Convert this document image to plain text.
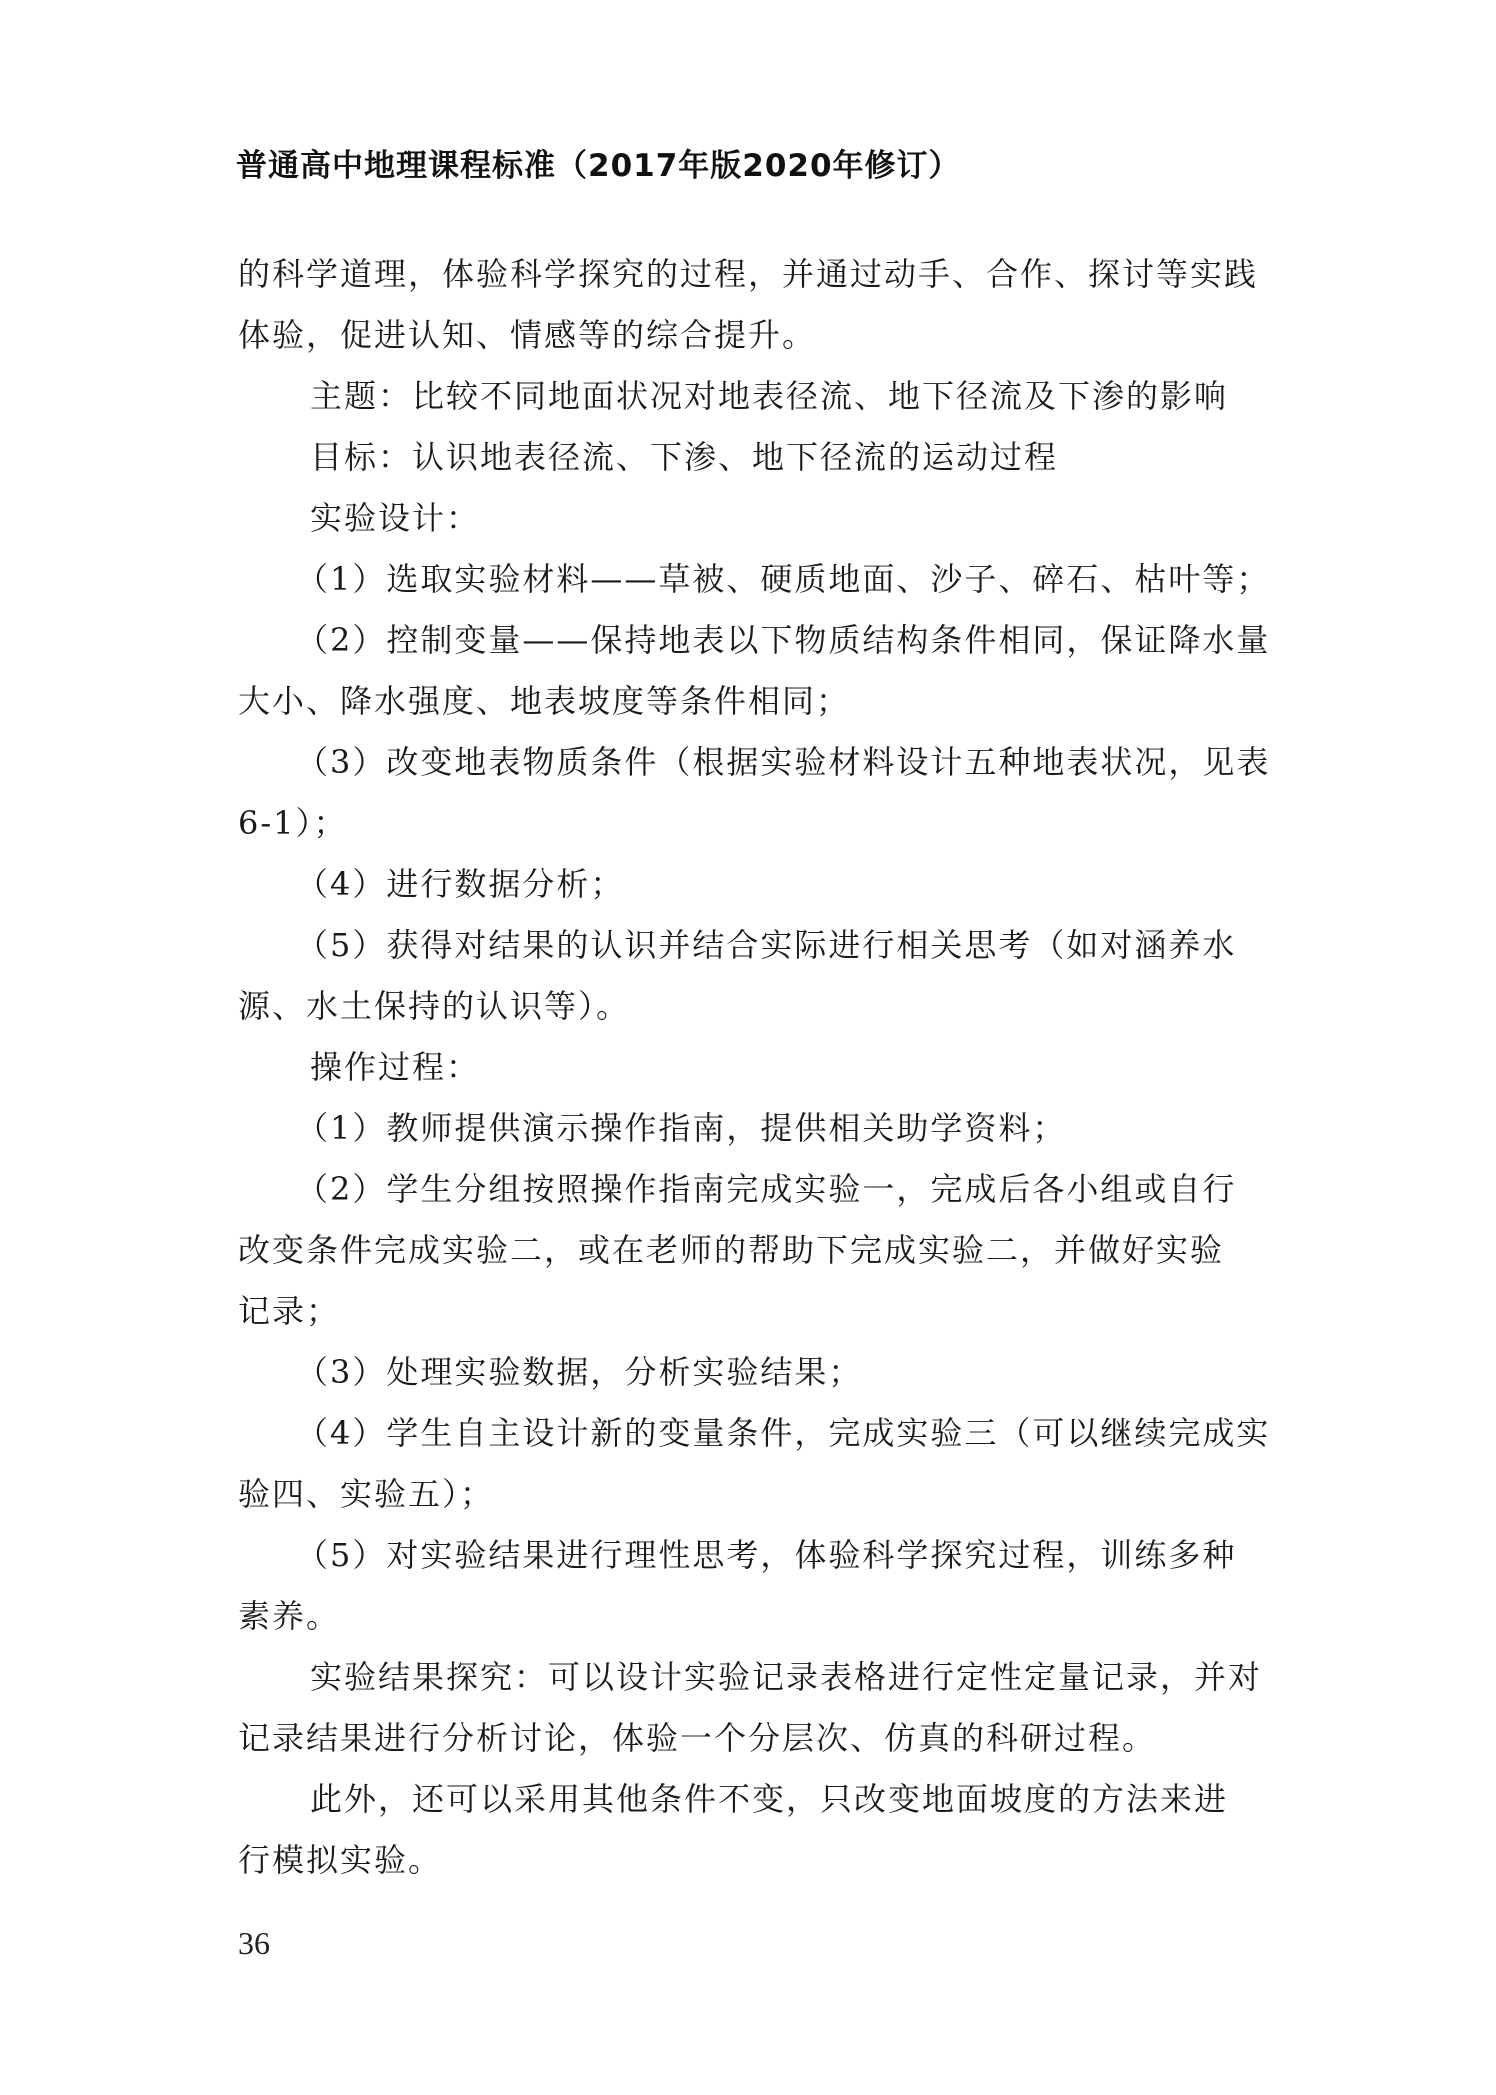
普通高中地理课程标准（2017年版2020年修订）
的科学道理，体验科学探究的过程，并通过动手、合作、探讨等实践
体验，促进认知、情感等的综合提升。
主题：比较不同地面状况对地表径流、地下径流及下渗的影响
目标：认识地表径流、下渗、地下径流的运动过程
实验设计：
（1）选取实验材料——草被、硬质地面、沙子、碎石、枯叶等；
（2）控制变量——保持地表以下物质结构条件相同，保证降水量
大小、降水强度、地表坡度等条件相同；
（3）改变地表物质条件（根据实验材料设计五种地表状况，见表
6-1）；
（4）进行数据分析；
（5）获得对结果的认识并结合实际进行相关思考（如对涵养水
源、水土保持的认识等）。
操作过程：
（1）教师提供演示操作指南，提供相关助学资料；
（2）学生分组按照操作指南完成实验一，完成后各小组或自行
改变条件完成实验二，或在老师的帮助下完成实验二，并做好实验
记录；
（3）处理实验数据，分析实验结果；
（4）学生自主设计新的变量条件，完成实验三（可以继续完成实
验四、实验五）；
（5）对实验结果进行理性思考，体验科学探究过程，训练多种
素养。
实验结果探究：可以设计实验记录表格进行定性定量记录，并对
记录结果进行分析讨论，体验一个分层次、仿真的科研过程。
此外，还可以采用其他条件不变，只改变地面坡度的方法来进
行模拟实验。
36
